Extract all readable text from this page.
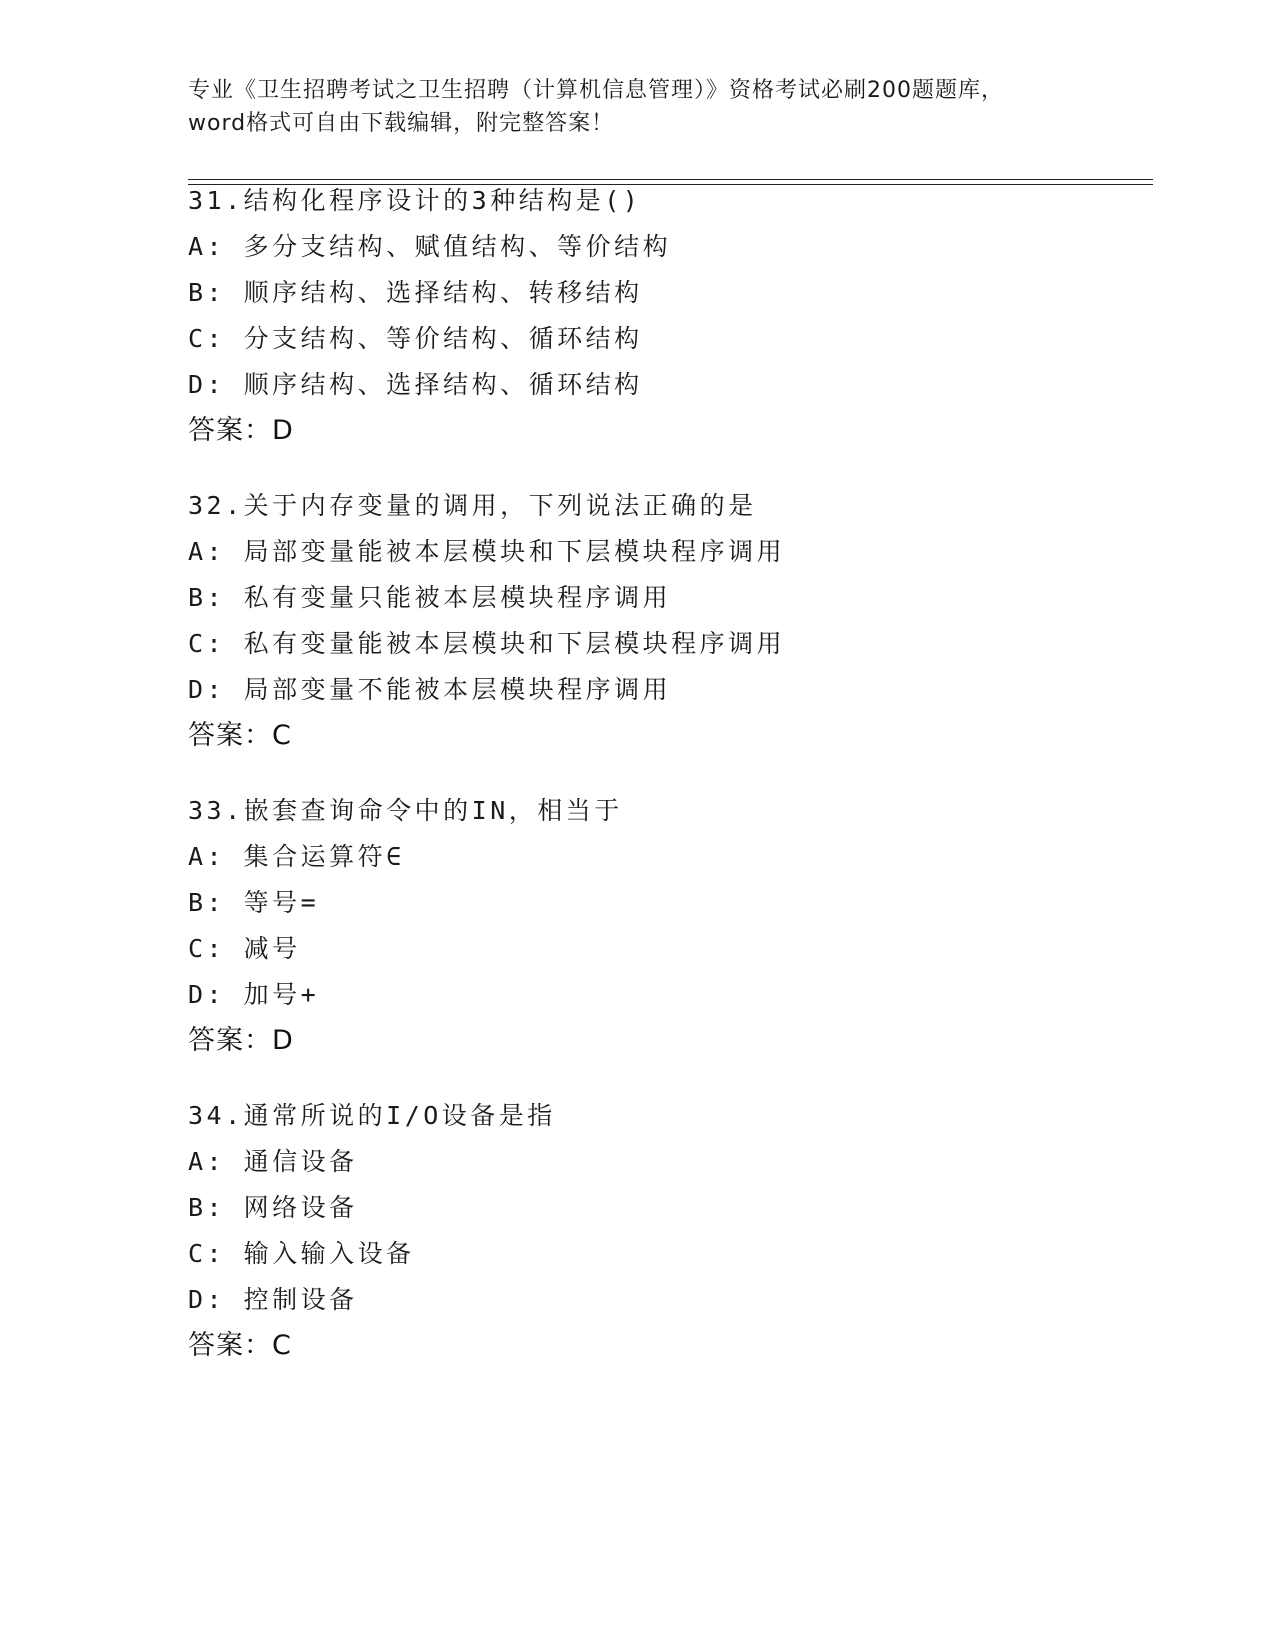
专业《卫生招聘考试之卫生招聘（计算机信息管理）》资格考试必刷200题题库，
word格式可自由下载编辑，附完整答案！
31.结构化程序设计的3种结构是()
A: 多分支结构、赋值结构、等价结构
B: 顺序结构、选择结构、转移结构
C: 分支结构、等价结构、循环结构
D: 顺序结构、选择结构、循环结构
答案：D
32.关于内存变量的调用，下列说法正确的是
A: 局部变量能被本层模块和下层模块程序调用
B: 私有变量只能被本层模块程序调用
C: 私有变量能被本层模块和下层模块程序调用
D: 局部变量不能被本层模块程序调用
答案：C
33.嵌套查询命令中的IN，相当于
A: 集合运算符∈
B: 等号=
C: 减号
D: 加号+
答案：D
34.通常所说的I/O设备是指
A: 通信设备
B: 网络设备
C: 输入输入设备
D: 控制设备
答案：C
